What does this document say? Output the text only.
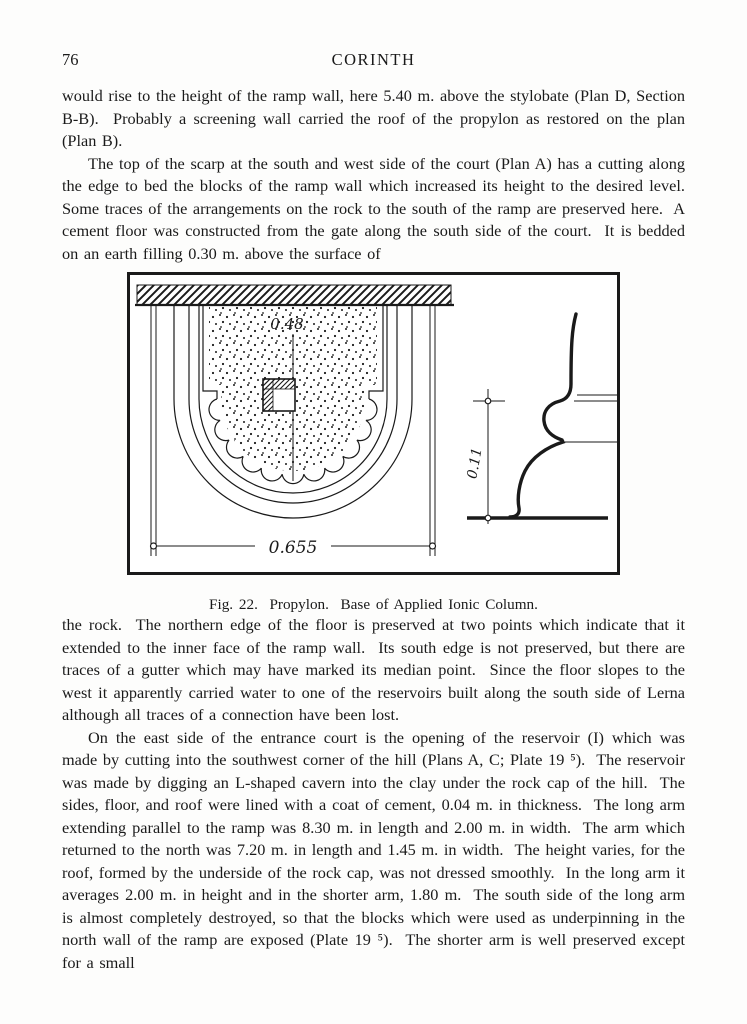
76	CORINTH

would rise to the height of the ramp wall, here 5.40 m. above the stylobate (Plan D, Section B-B).  Probably a screening wall carried the roof of the propylon as restored on the plan (Plan B).

The top of the scarp at the south and west side of the court (Plan A) has a cutting along the edge to bed the blocks of the ramp wall which increased its height to the desired level.  Some traces of the arrangements on the rock to the south of the ramp are preserved here.  A cement floor was constructed from the gate along the south side of the court.  It is bedded on an earth filling 0.30 m. above the surface of

0.48
0.655
0.11
Fig. 22.  Propylon.  Base of Applied Ionic Column.

the rock.  The northern edge of the floor is preserved at two points which indicate that it extended to the inner face of the ramp wall.  Its south edge is not preserved, but there are traces of a gutter which may have marked its median point.  Since the floor slopes to the west it apparently carried water to one of the reservoirs built along the south side of Lerna although all traces of a connection have been lost.

On the east side of the entrance court is the opening of the reservoir (I) which was made by cutting into the southwest corner of the hill (Plans A, C; Plate 19 ⁵).  The reservoir was made by digging an L-shaped cavern into the clay under the rock cap of the hill.  The sides, floor, and roof were lined with a coat of cement, 0.04 m. in thickness.  The long arm extending parallel to the ramp was 8.30 m. in length and 2.00 m. in width.  The arm which returned to the north was 7.20 m. in length and 1.45 m. in width.  The height varies, for the roof, formed by the underside of the rock cap, was not dressed smoothly.  In the long arm it averages 2.00 m. in height and in the shorter arm, 1.80 m.  The south side of the long arm is almost completely destroyed, so that the blocks which were used as underpinning in the north wall of the ramp are exposed (Plate 19 ⁵).  The shorter arm is well preserved except for a small
